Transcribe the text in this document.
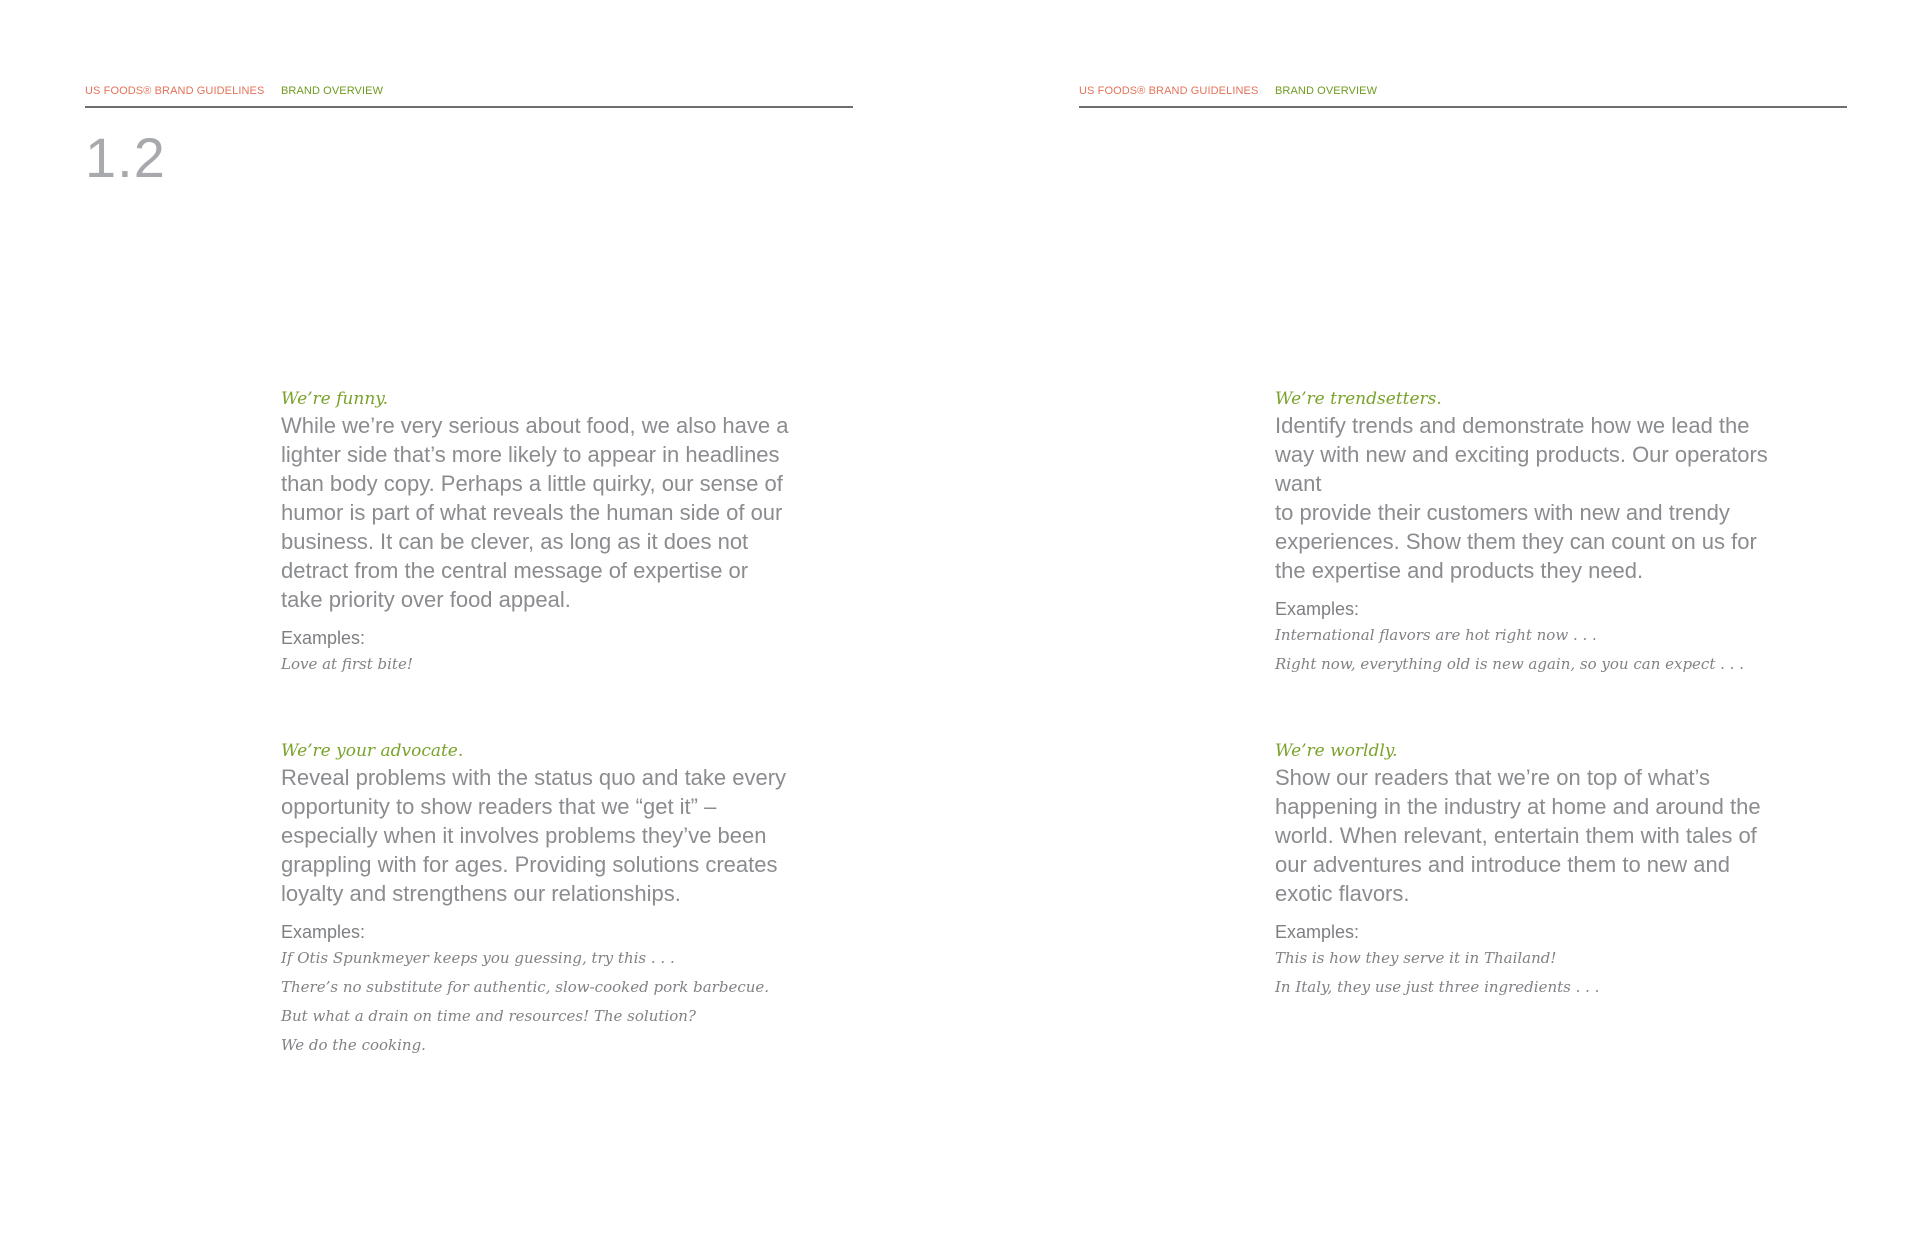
US FOODS® BRAND GUIDELINES BRAND OVERVIEW
1.2

We’re funny.

While we’re very serious about food, we also have a
lighter side that’s more likely to appear in headlines
than body copy. Perhaps a little quirky, our sense of
humor is part of what reveals the human side of our
business. It can be clever, as long as it does not
detract from the central message of expertise or
take priority over food appeal.

Examples:

Love at first bite!

We’re your advocate.

Reveal problems with the status quo and take every
opportunity to show readers that we “get it” –
especially when it involves problems they’ve been
grappling with for ages. Providing solutions creates
loyalty and strengthens our relationships.

Examples:

If Otis Spunkmeyer keeps you guessing, try this . . .

There’s no substitute for authentic, slow-cooked pork barbecue.

But what a drain on time and resources! The solution?

We do the cooking.

US FOODS® BRAND GUIDELINES BRAND OVERVIEW

We’re trendsetters.

Identify trends and demonstrate how we lead the
way with new and exciting products. Our operators
want
to provide their customers with new and trendy
experiences. Show them they can count on us for
the expertise and products they need.

Examples:

International flavors are hot right now . . .

Right now, everything old is new again, so you can expect . . .

We’re worldly.

Show our readers that we’re on top of what’s
happening in the industry at home and around the
world. When relevant, entertain them with tales of
our adventures and introduce them to new and
exotic flavors.

Examples:

This is how they serve it in Thailand!

In Italy, they use just three ingredients . . .
